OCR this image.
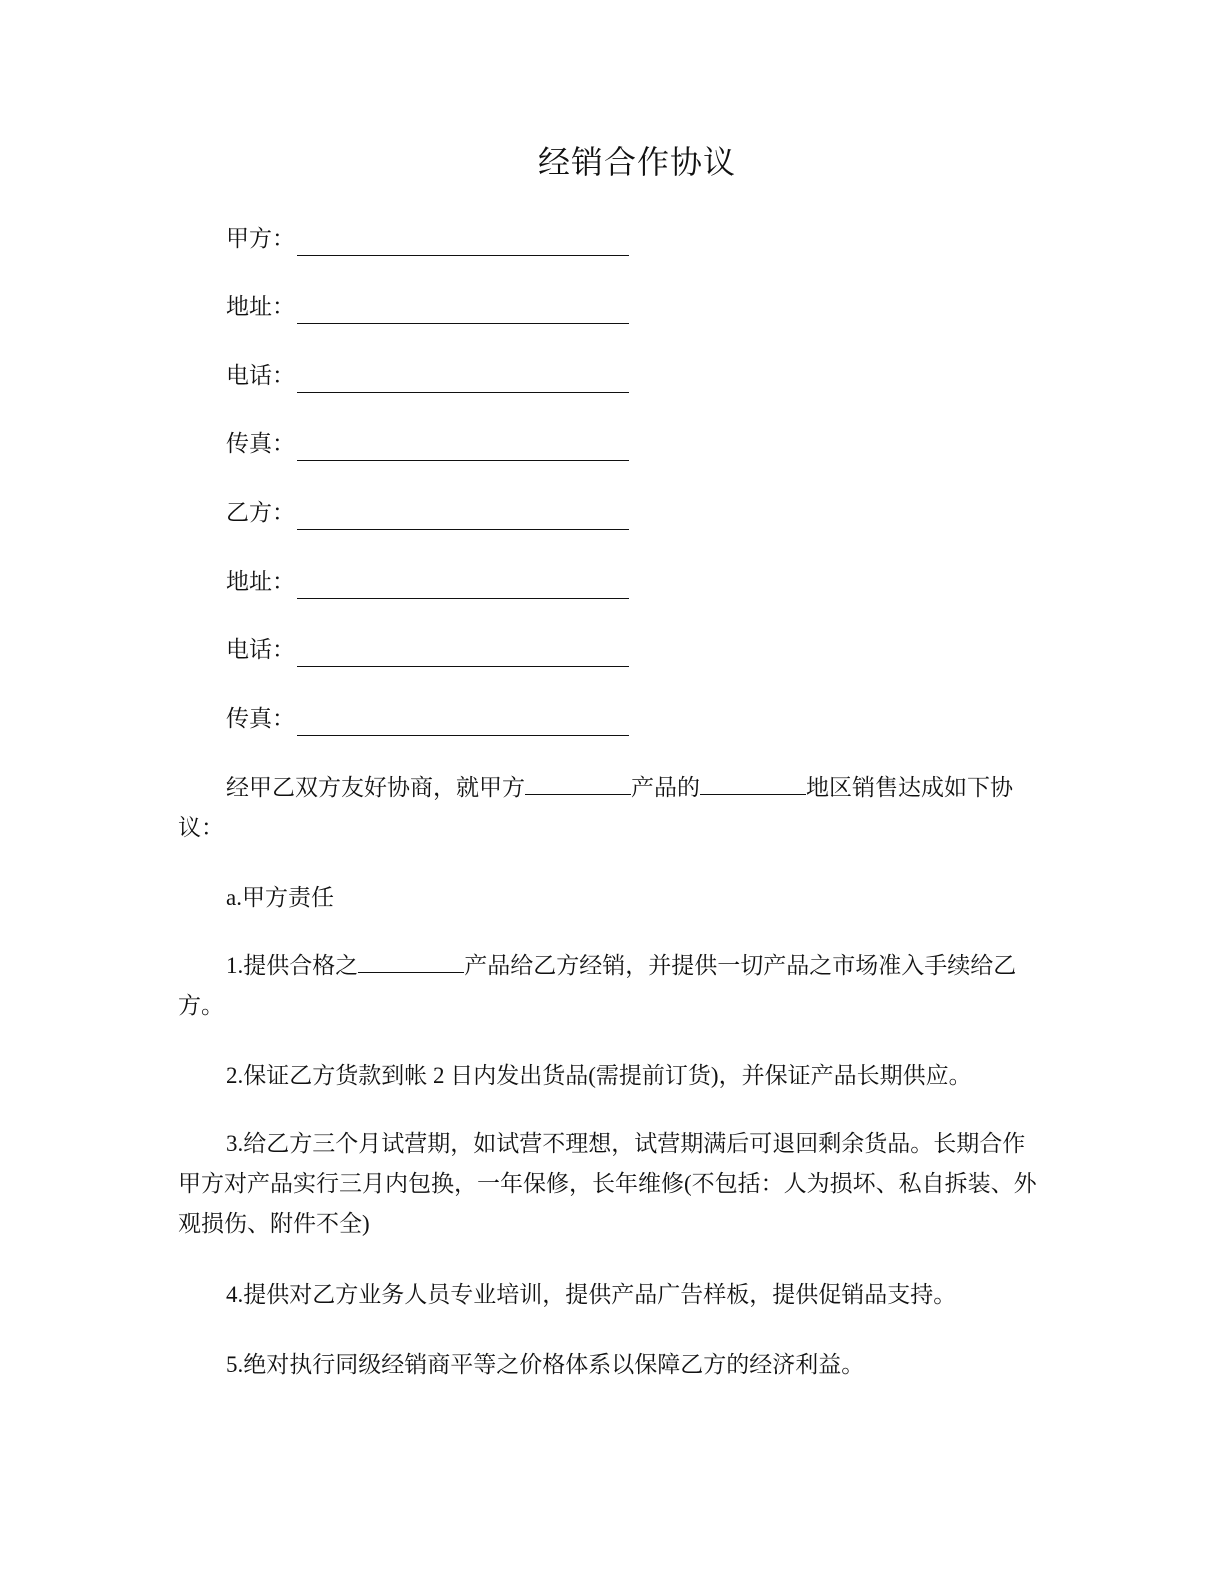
经销合作协议
甲方：
地址：
电话：
传真：
乙方：
地址：
电话：
传真：
经甲乙双方友好协商，就甲方	产品的	地区销售达成如下协议：
a.甲方责任
1.提供合格之	产品给乙方经销，并提供一切产品之市场准入手续给乙方。
2.保证乙方货款到帐 2 日内发出货品(需提前订货)，并保证产品长期供应。
3.给乙方三个月试营期，如试营不理想，试营期满后可退回剩余货品。长期合作甲方对产品实行三月内包换，一年保修，长年维修(不包括：人为损坏、私自拆装、外观损伤、附件不全)
4.提供对乙方业务人员专业培训，提供产品广告样板，提供促销品支持。
5.绝对执行同级经销商平等之价格体系以保障乙方的经济利益。
